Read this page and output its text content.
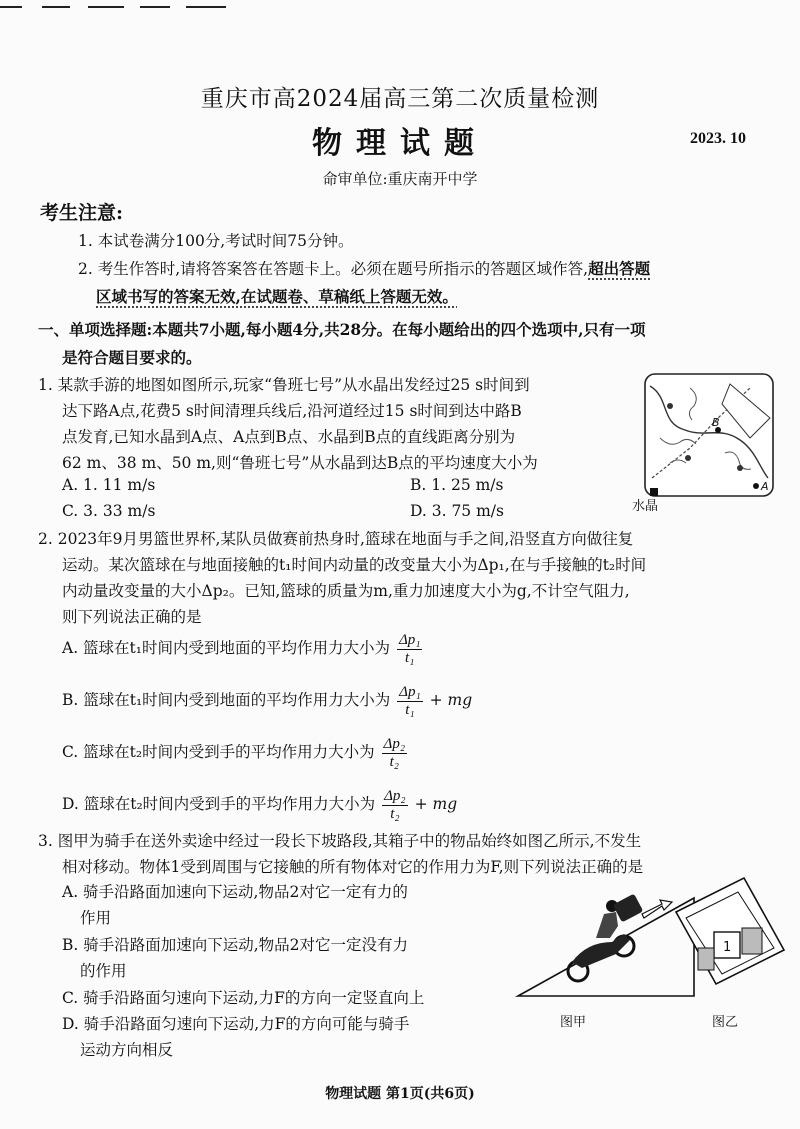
重庆市高2024届高三第二次质量检测
物理试题	2023. 10
命审单位:重庆南开中学
考生注意:
1. 本试卷满分100分,考试时间75分钟。
2. 考生作答时,请将答案答在答题卡上。必须在题号所指示的答题区域作答,超出答题
区域书写的答案无效,在试题卷、草稿纸上答题无效。
一、单项选择题:本题共7小题,每小题4分,共28分。在每小题给出的四个选项中,只有一项
是符合题目要求的。
1. 某款手游的地图如图所示,玩家“鲁班七号”从水晶出发经过25 s时间到
达下路A点,花费5 s时间清理兵线后,沿河道经过15 s时间到达中路B
点发育,已知水晶到A点、A点到B点、水晶到B点的直线距离分别为
62 m、38 m、50 m,则“鲁班七号”从水晶到达B点的平均速度大小为
A. 1. 11 m/s	B. 1. 25 m/s
C. 3. 33 m/s	D. 3. 75 m/s
B
A
水晶
2. 2023年9月男篮世界杯,某队员做赛前热身时,篮球在地面与手之间,沿竖直方向做往复
运动。某次篮球在与地面接触的t₁时间内动量的改变量大小为Δp₁,在与手接触的t₂时间
内动量改变量的大小Δp₂。已知,篮球的质量为m,重力加速度大小为g,不计空气阻力,
则下列说法正确的是
A. 篮球在t₁时间内受到地面的平均作用力大小为 $\frac{\text{Δp₁}}{\text{t₁}}$
B. 篮球在t₁时间内受到地面的平均作用力大小为 $\frac{\text{Δp₁}}{\text{t₁}}$ + mg
C. 篮球在t₂时间内受到手的平均作用力大小为 $\frac{\text{Δp₂}}{\text{t₂}}$
D. 篮球在t₂时间内受到手的平均作用力大小为 $\frac{\text{Δp₂}}{\text{t₂}}$ + mg
3. 图甲为骑手在送外卖途中经过一段长下坡路段,其箱子中的物品始终如图乙所示,不发生
相对移动。物体1受到周围与它接触的所有物体对它的作用力为F,则下列说法正确的是
A. 骑手沿路面加速向下运动,物品2对它一定有力的
作用
B. 骑手沿路面加速向下运动,物品2对它一定没有力
的作用
C. 骑手沿路面匀速向下运动,力F的方向一定竖直向上
D. 骑手沿路面匀速向下运动,力F的方向可能与骑手
运动方向相反
1
图甲	图乙
物理试题 第1页(共6页)
